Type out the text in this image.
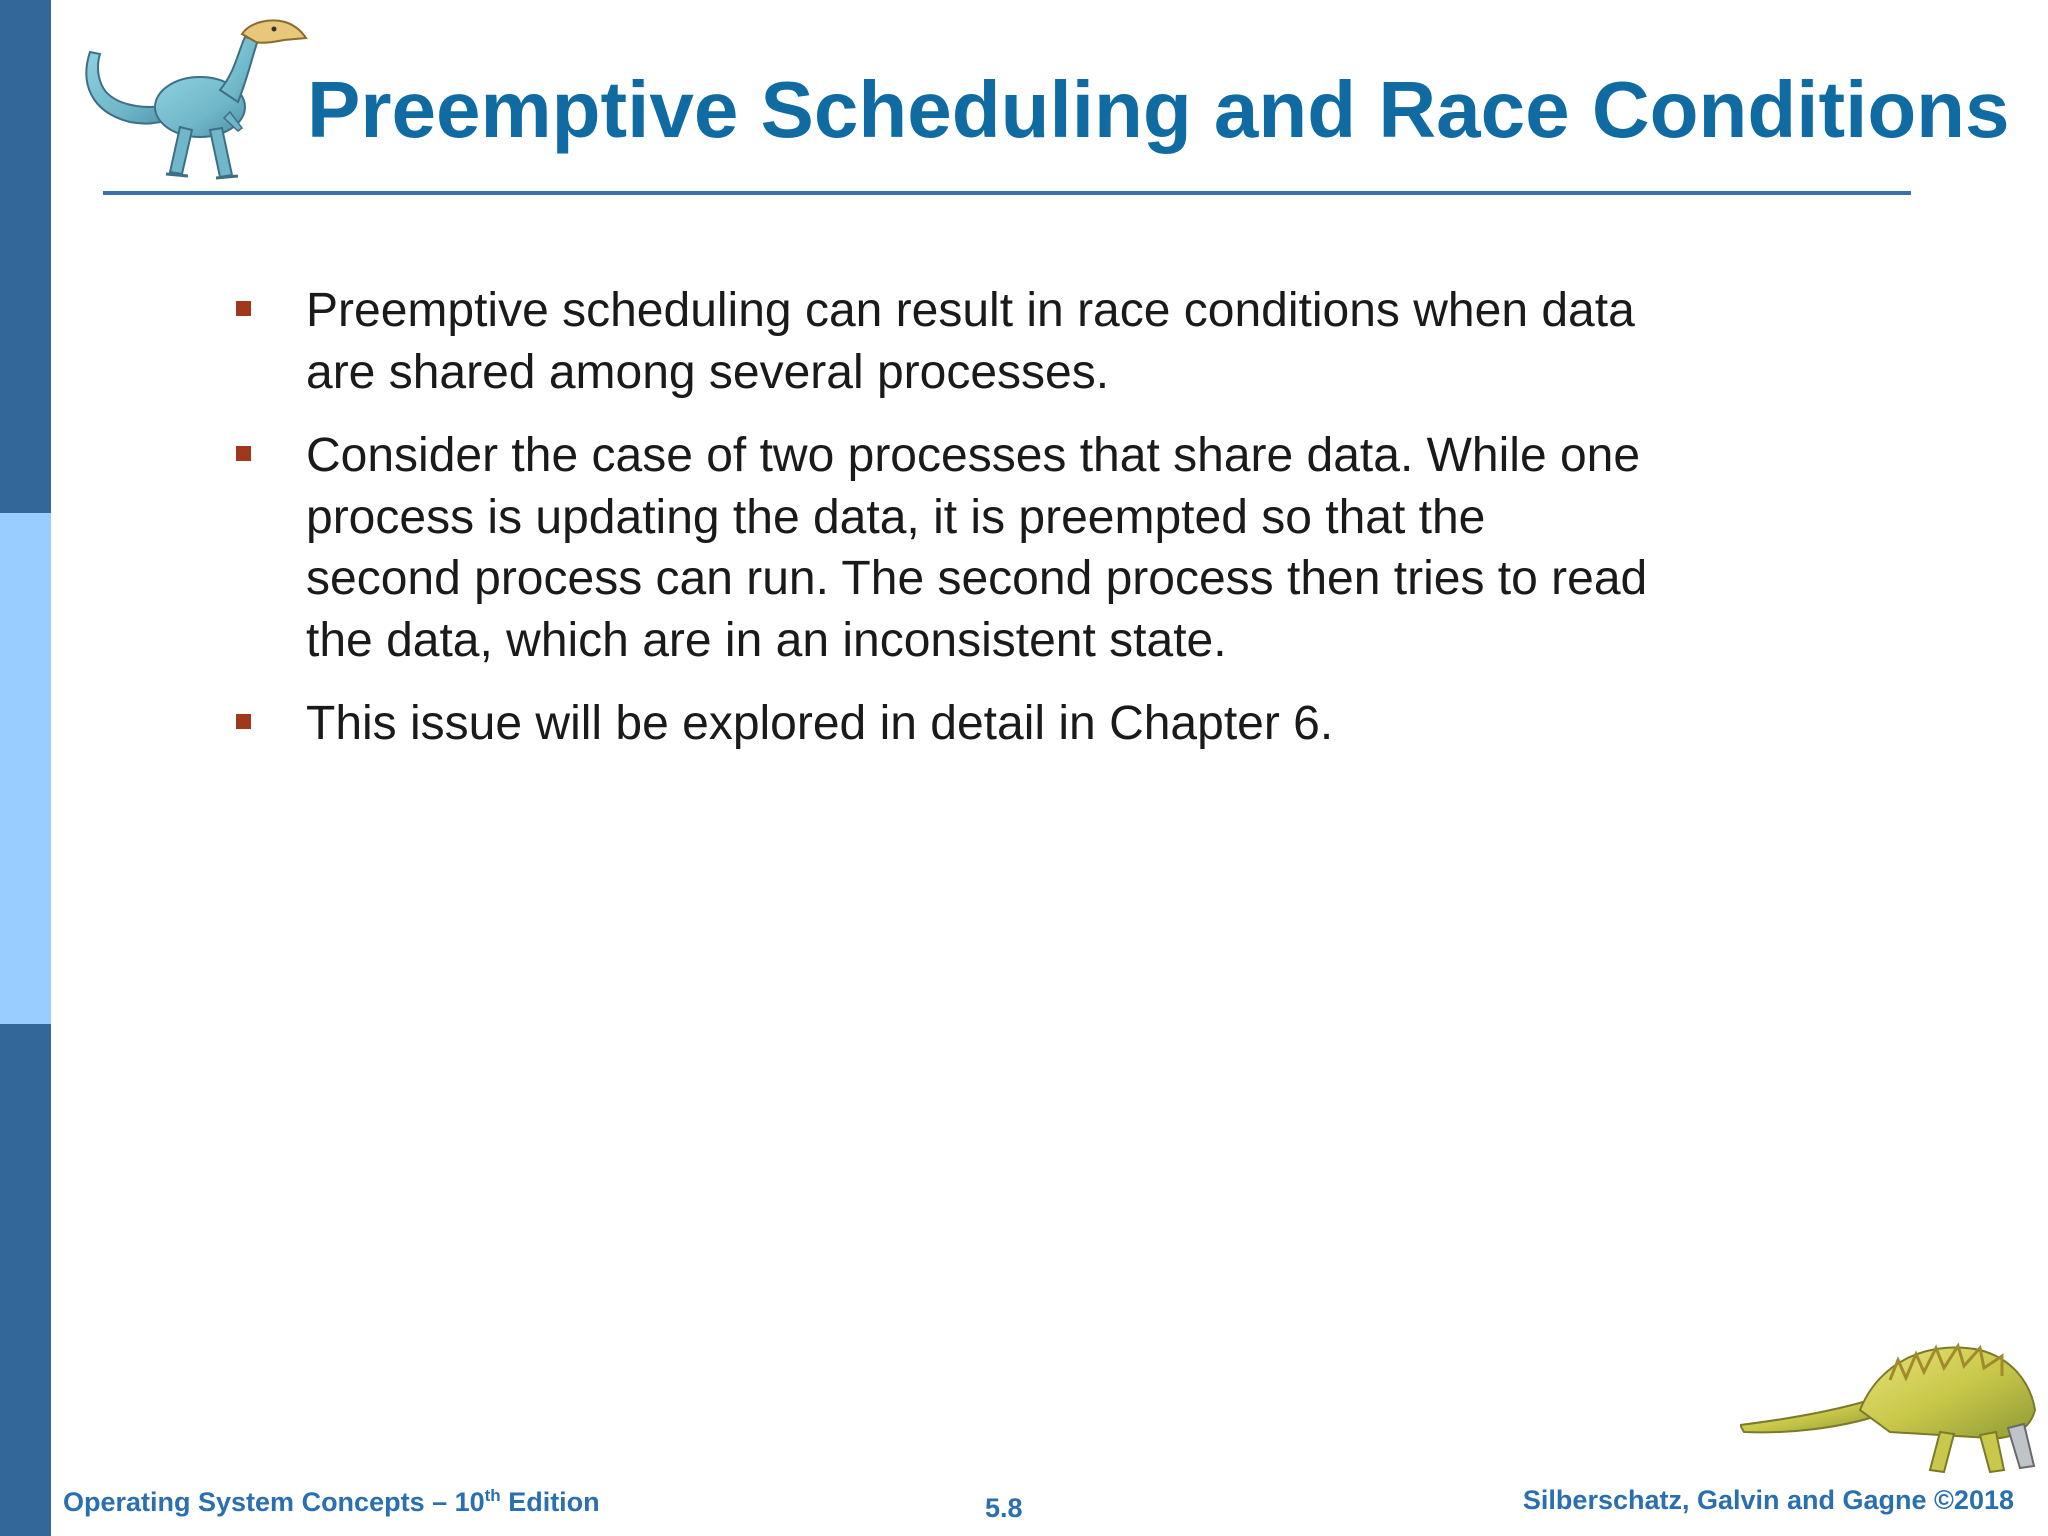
Preemptive Scheduling and Race Conditions
Preemptive scheduling can result in race conditions when data are shared among several processes.
Consider the case of two processes that share data. While one process is updating the data, it is preempted so that the second process can run. The second process then tries to read the data, which are in an inconsistent state.
This issue will be explored in detail in Chapter 6.
Operating System Concepts – 10th Edition	5.8	Silberschatz, Galvin and Gagne ©2018
